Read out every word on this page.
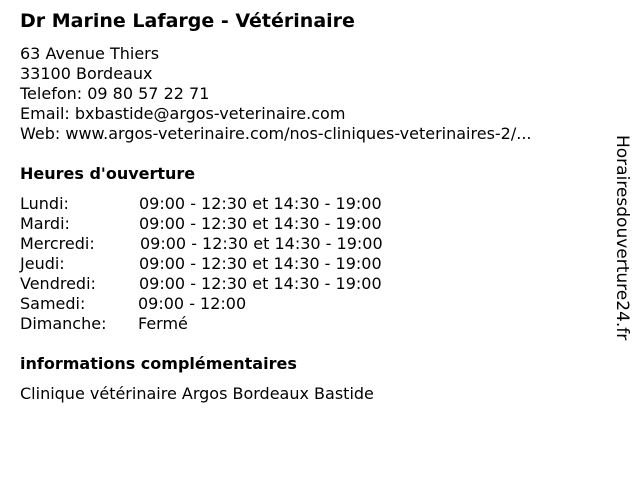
Dr Marine Lafarge - Vétérinaire
63 Avenue Thiers
33100 Bordeaux
Telefon: 09 80 57 22 71
Email: bxbastide@argos-veterinaire.com
Web: www.argos-veterinaire.com/nos-cliniques-veterinaires-2/...
Heures d'ouverture
Lundi:	09:00 - 12:30 et 14:30 - 19:00
Mardi:	09:00 - 12:30 et 14:30 - 19:00
Mercredi:	09:00 - 12:30 et 14:30 - 19:00
Jeudi:	09:00 - 12:30 et 14:30 - 19:00
Vendredi:	09:00 - 12:30 et 14:30 - 19:00
Samedi:	09:00 - 12:00
Dimanche: Fermé
informations complémentaires
Clinique vétérinaire Argos Bordeaux Bastide
Horairesdouverture24.fr
